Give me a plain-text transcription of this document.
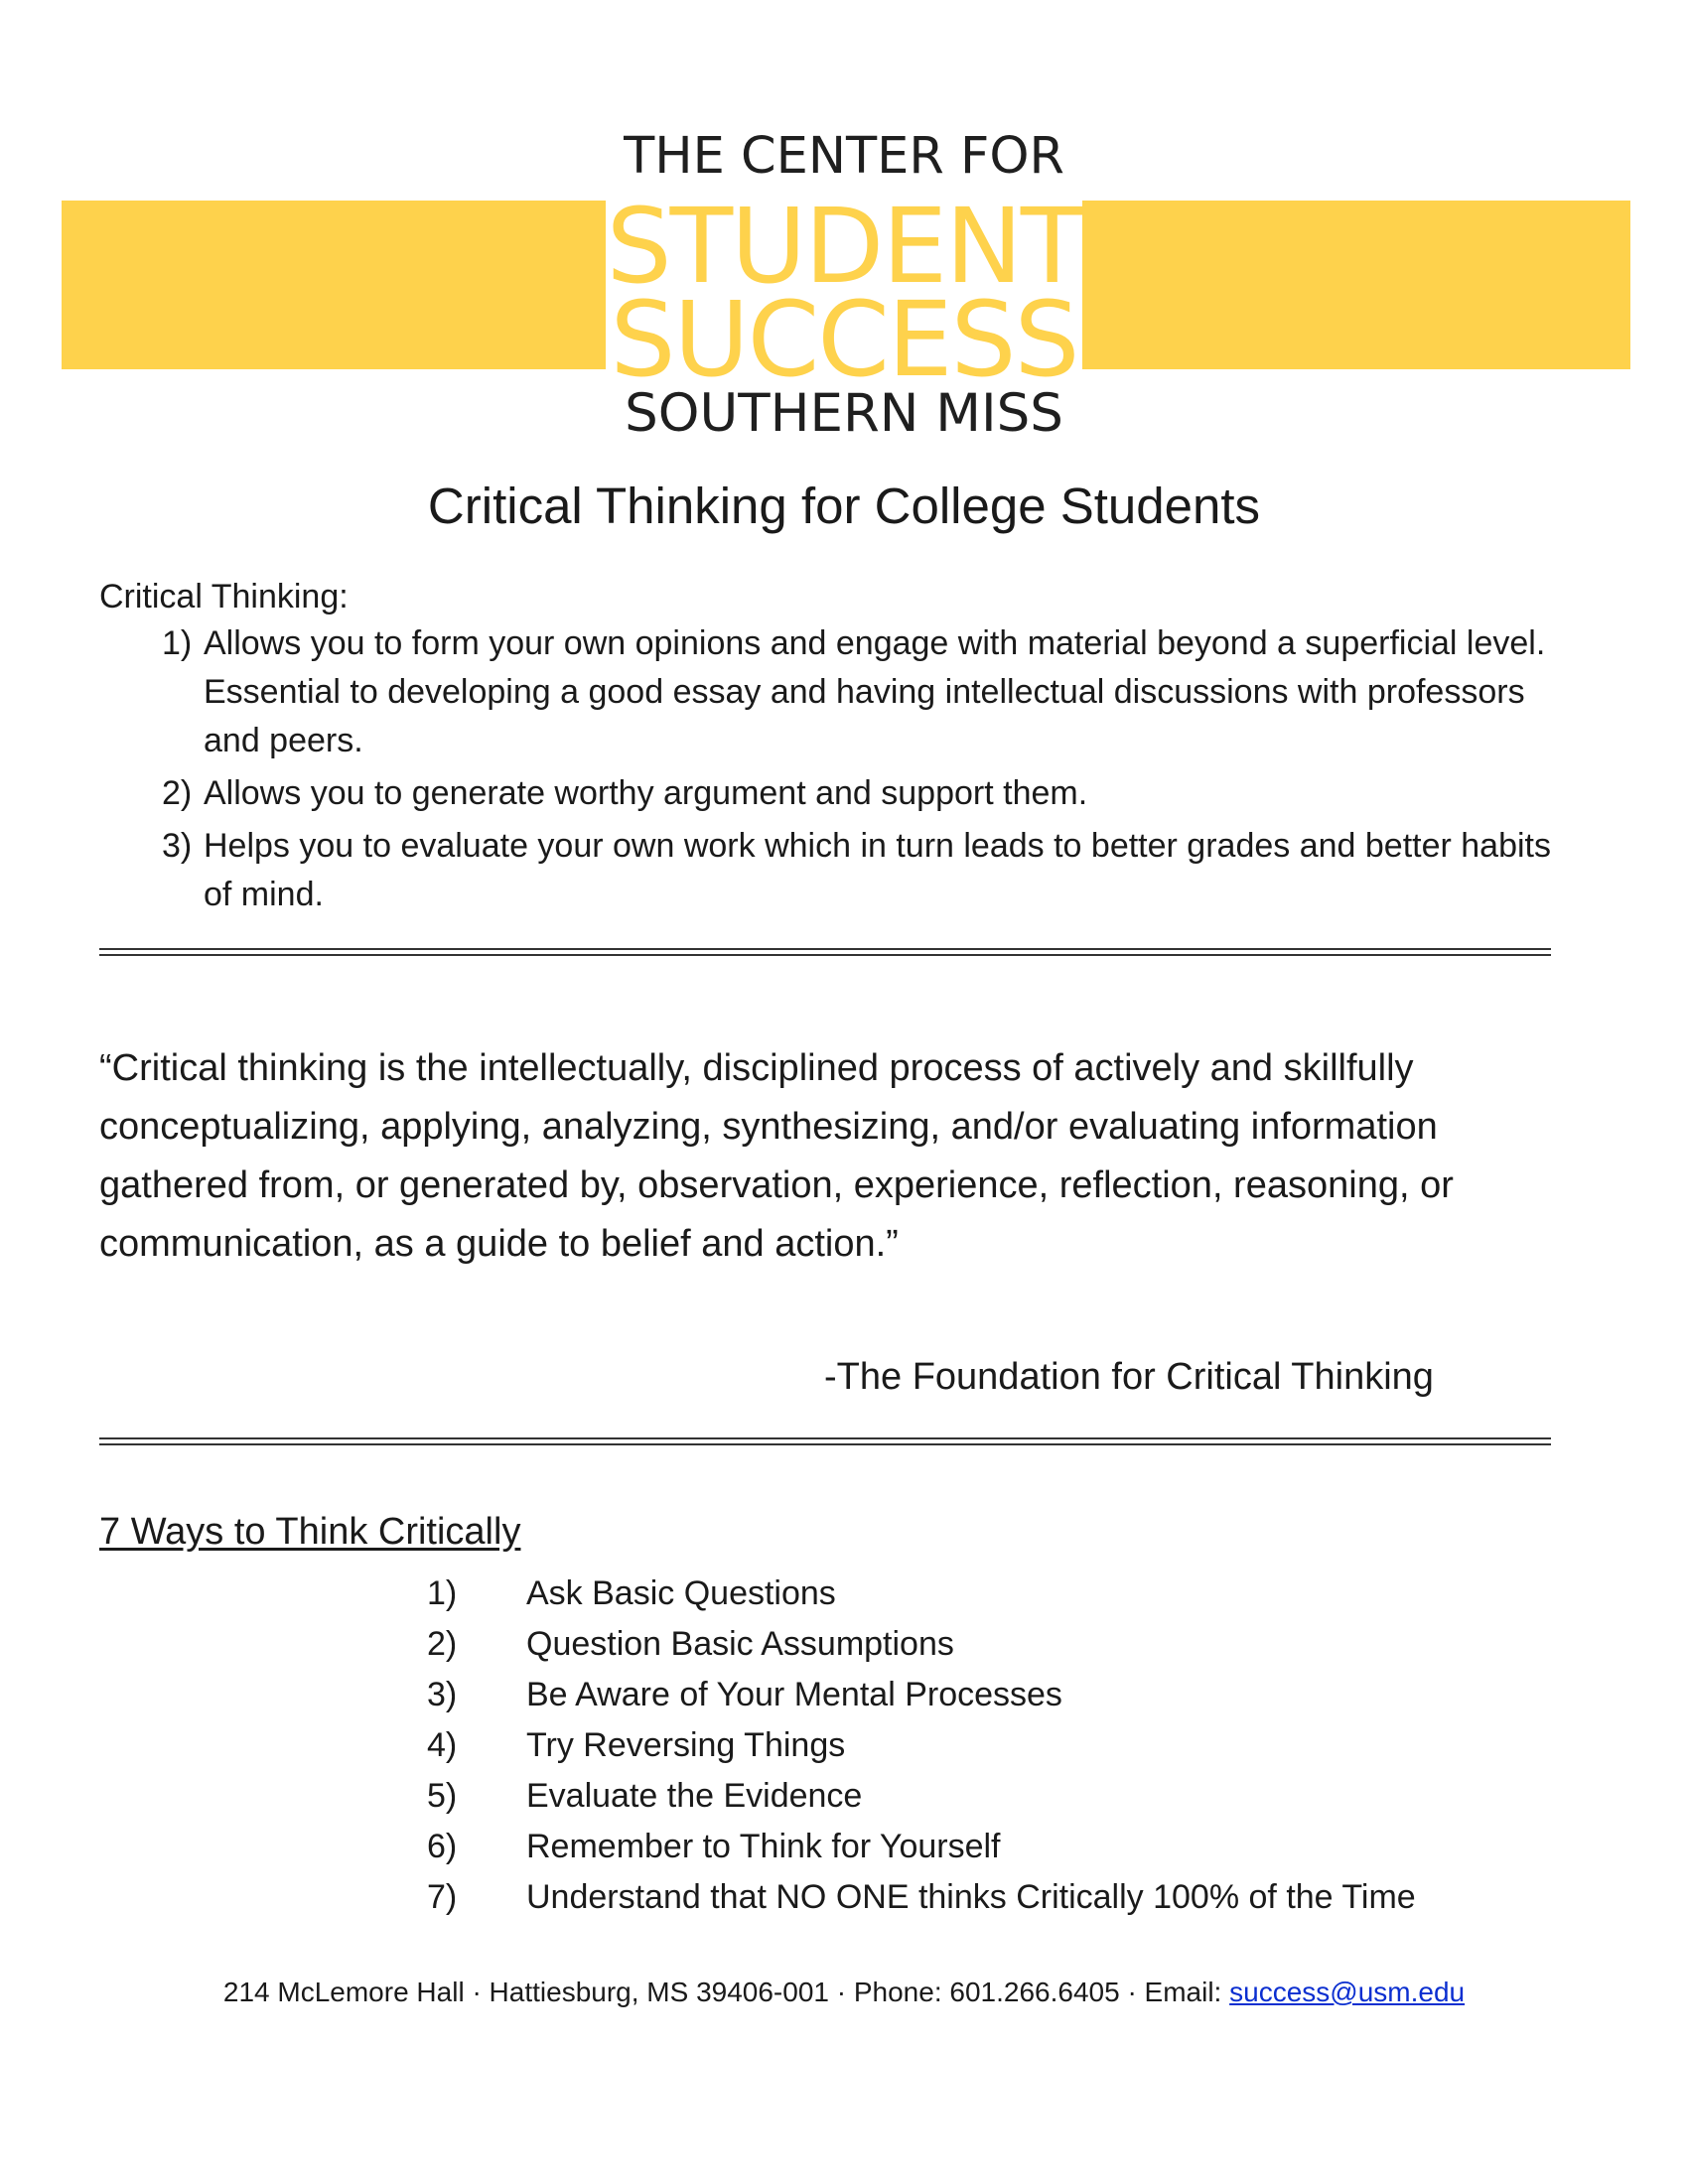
THE CENTER FOR
STUDENT
SUCCESS
SOUTHERN MISS
Critical Thinking for College Students
Critical Thinking:
1) Allows you to form your own opinions and engage with material beyond a superficial level. Essential to developing a good essay and having intellectual discussions with professors and peers.
2) Allows you to generate worthy argument and support them.
3) Helps you to evaluate your own work which in turn leads to better grades and better habits of mind.
“Critical thinking is the intellectually, disciplined process of actively and skillfully conceptualizing, applying, analyzing, synthesizing, and/or evaluating information gathered from, or generated by, observation, experience, reflection, reasoning, or communication, as a guide to belief and action.”
-The Foundation for Critical Thinking
7 Ways to Think Critically
1)	Ask Basic Questions
2)	Question Basic Assumptions
3)	Be Aware of Your Mental Processes
4)	Try Reversing Things
5)	Evaluate the Evidence
6)	Remember to Think for Yourself
7)	Understand that NO ONE thinks Critically 100% of the Time
214 McLemore Hall · Hattiesburg, MS 39406-001 · Phone: 601.266.6405 · Email: success@usm.edu
